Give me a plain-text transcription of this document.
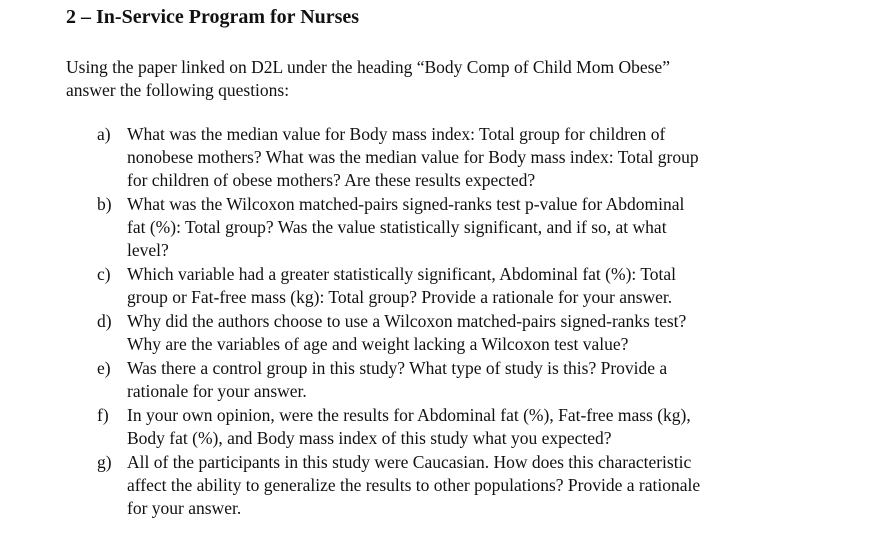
2 – In-Service Program for Nurses
Using the paper linked on D2L under the heading “Body Comp of Child Mom Obese”
answer the following questions:
a) What was the median value for Body mass index: Total group for children of
nonobese mothers? What was the median value for Body mass index: Total group
for children of obese mothers? Are these results expected?
b) What was the Wilcoxon matched-pairs signed-ranks test p-value for Abdominal
fat (%): Total group? Was the value statistically significant, and if so, at what
level?
c) Which variable had a greater statistically significant, Abdominal fat (%): Total
group or Fat-free mass (kg): Total group? Provide a rationale for your answer.
d) Why did the authors choose to use a Wilcoxon matched-pairs signed-ranks test?
Why are the variables of age and weight lacking a Wilcoxon test value?
e) Was there a control group in this study? What type of study is this? Provide a
rationale for your answer.
f) In your own opinion, were the results for Abdominal fat (%), Fat-free mass (kg),
Body fat (%), and Body mass index of this study what you expected?
g) All of the participants in this study were Caucasian. How does this characteristic
affect the ability to generalize the results to other populations? Provide a rationale
for your answer.
